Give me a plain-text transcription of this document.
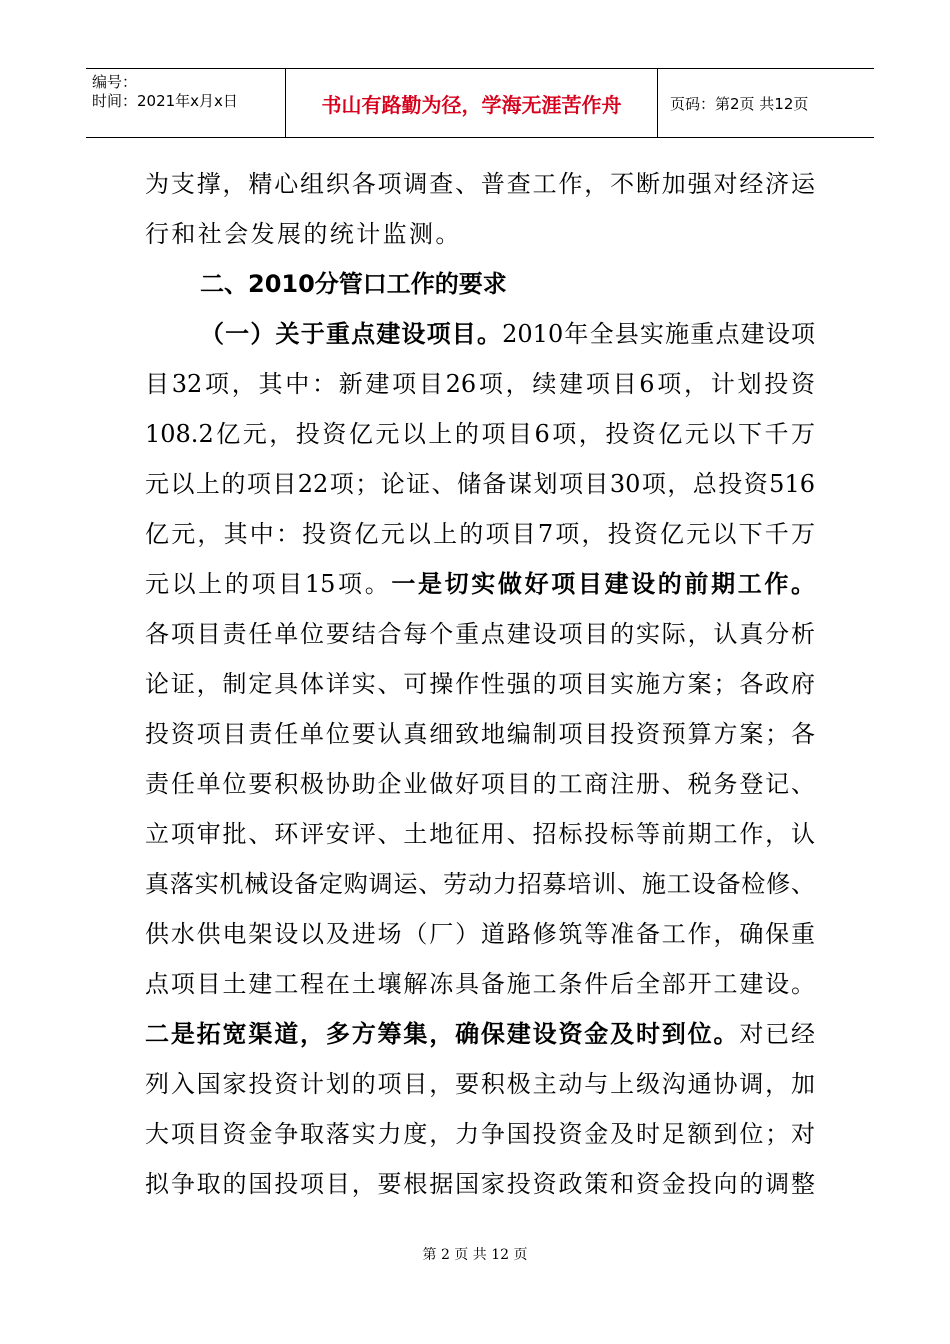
编号：
时间：2021年x月x日	书山有路勤为径，学海无涯苦作舟	页码：第2页 共12页
为支撑，精心组织各项调查、普查工作，不断加强对经济运
行和社会发展的统计监测。
二、2010分管口工作的要求
（一）关于重点建设项目。2010年全县实施重点建设项
目32项，其中：新建项目26项，续建项目6项，计划投资
108.2亿元，投资亿元以上的项目6项，投资亿元以下千万
元以上的项目22项；论证、储备谋划项目30项，总投资516
亿元，其中：投资亿元以上的项目7项，投资亿元以下千万
元以上的项目15项。一是切实做好项目建设的前期工作。
各项目责任单位要结合每个重点建设项目的实际，认真分析
论证，制定具体详实、可操作性强的项目实施方案；各政府
投资项目责任单位要认真细致地编制项目投资预算方案；各
责任单位要积极协助企业做好项目的工商注册、税务登记、
立项审批、环评安评、土地征用、招标投标等前期工作，认
真落实机械设备定购调运、劳动力招募培训、施工设备检修、
供水供电架设以及进场（厂）道路修筑等准备工作，确保重
点项目土建工程在土壤解冻具备施工条件后全部开工建设。
二是拓宽渠道，多方筹集，确保建设资金及时到位。对已经
列入国家投资计划的项目，要积极主动与上级沟通协调，加
大项目资金争取落实力度，力争国投资金及时足额到位；对
拟争取的国投项目，要根据国家投资政策和资金投向的调整
第 2 页 共 12 页
